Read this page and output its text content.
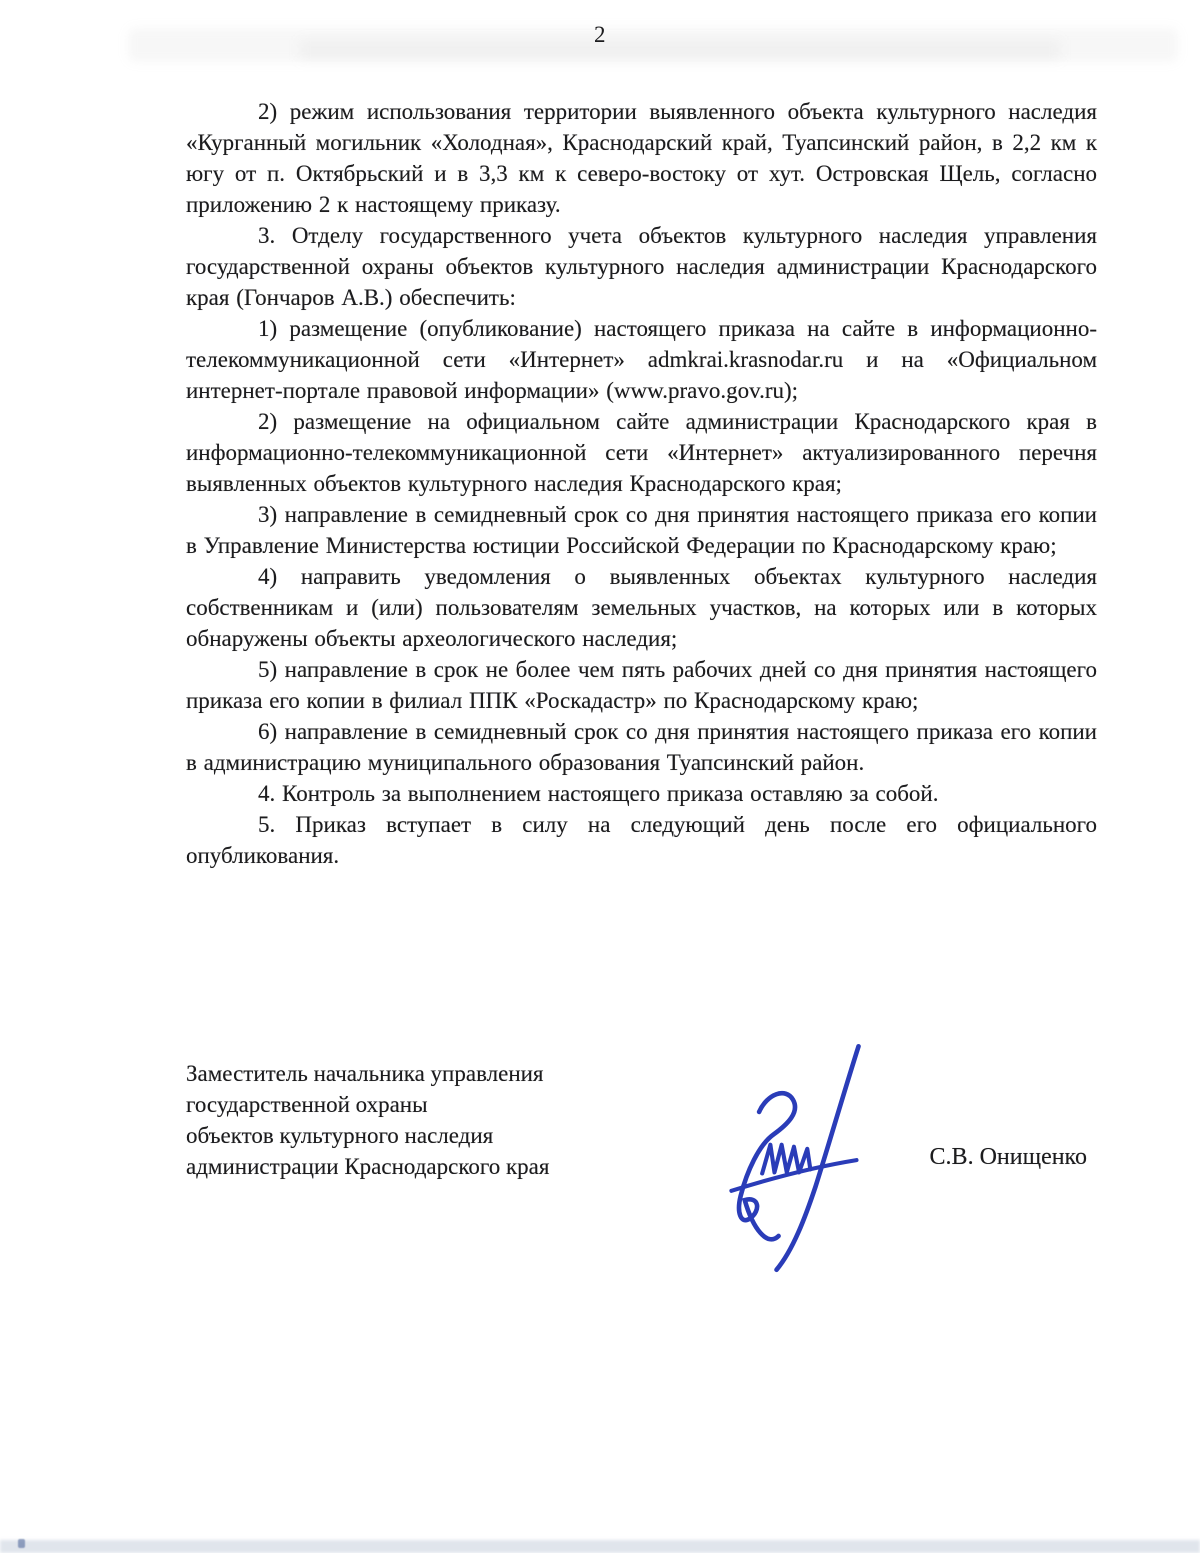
2

2) режим использования территории выявленного объекта культурного наследия «Курганный могильник «Холодная», Краснодарский край, Туапсинский район, в 2,2 км к югу от п. Октябрьский и в 3,3 км к северо-востоку от хут. Островская Щель, согласно приложению 2 к настоящему приказу.

3. Отделу государственного учета объектов культурного наследия управления государственной охраны объектов культурного наследия администрации Краснодарского края (Гончаров А.В.) обеспечить:

1) размещение (опубликование) настоящего приказа на сайте в информационно-телекоммуникационной сети «Интернет» admkrai.krasnodar.ru и на «Официальном интернет-портале правовой информации» (www.pravo.gov.ru);

2) размещение на официальном сайте администрации Краснодарского края в информационно-телекоммуникационной сети «Интернет» актуализированного перечня выявленных объектов культурного наследия Краснодарского края;

3) направление в семидневный срок со дня принятия настоящего приказа его копии в Управление Министерства юстиции Российской Федерации по Краснодарскому краю;

4) направить уведомления о выявленных объектах культурного наследия собственникам и (или) пользователям земельных участков, на которых или в которых обнаружены объекты археологического наследия;

5) направление в срок не более чем пять рабочих дней со дня принятия настоящего приказа его копии в филиал ППК «Роскадастр» по Краснодарскому краю;

6) направление в семидневный срок со дня принятия настоящего приказа его копии в администрацию муниципального образования Туапсинский район.

4. Контроль за выполнением настоящего приказа оставляю за собой.

5. Приказ вступает в силу на следующий день после его официального опубликования.

Заместитель начальника управления
государственной охраны
объектов культурного наследия
администрации Краснодарского края	С.В. Онищенко
